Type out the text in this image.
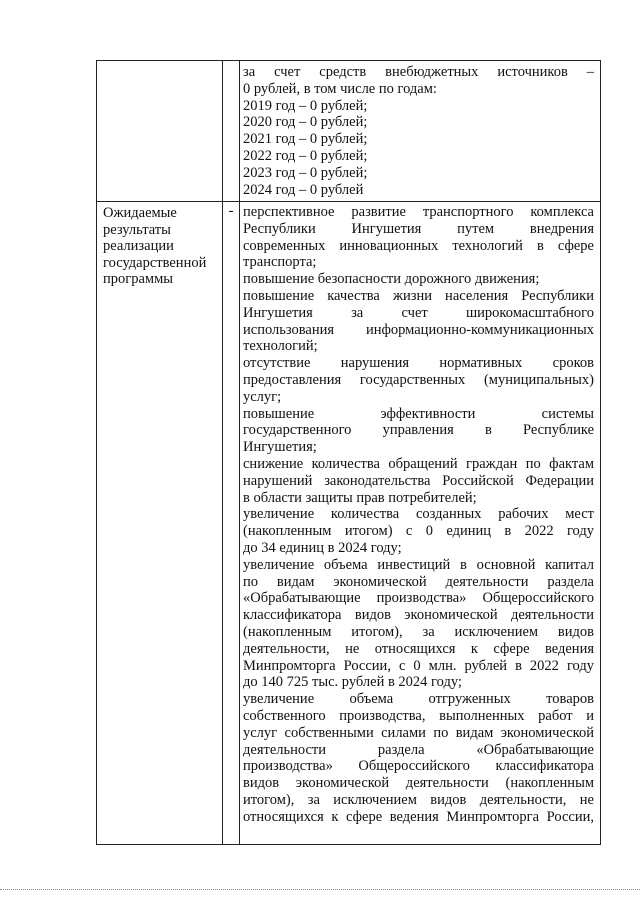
за счет средств внебюджетных источников –
0 рублей, в том числе по годам:
2019 год – 0 рублей;
2020 год – 0 рублей;
2021 год – 0 рублей;
2022 год – 0 рублей;
2023 год – 0 рублей;
2024 год – 0 рублей
Ожидаемые
результаты
реализации
государственной
программы
- перспективное развитие транспортного комплекса
Республики Ингушетия путем внедрения
современных инновационных технологий в сфере
транспорта;
повышение безопасности дорожного движения;
повышение качества жизни населения Республики
Ингушетия за счет широкомасштабного
использования информационно-коммуникационных
технологий;
отсутствие нарушения нормативных сроков
предоставления государственных (муниципальных)
услуг;
повышение эффективности системы
государственного управления в Республике
Ингушетия;
снижение количества обращений граждан по фактам
нарушений законодательства Российской Федерации
в области защиты прав потребителей;
увеличение количества созданных рабочих мест
(накопленным итогом) с 0 единиц в 2022 году
до 34 единиц в 2024 году;
увеличение объема инвестиций в основной капитал
по видам экономической деятельности раздела
«Обрабатывающие производства» Общероссийского
классификатора видов экономической деятельности
(накопленным итогом), за исключением видов
деятельности, не относящихся к сфере ведения
Минпромторга России, с 0 млн. рублей в 2022 году
до 140 725 тыс. рублей в 2024 году;
увеличение объема отгруженных товаров
собственного производства, выполненных работ и
услуг собственными силами по видам экономической
деятельности раздела «Обрабатывающие
производства» Общероссийского классификатора
видов экономической деятельности (накопленным
итогом), за исключением видов деятельности, не
относящихся к сфере ведения Минпромторга России,
